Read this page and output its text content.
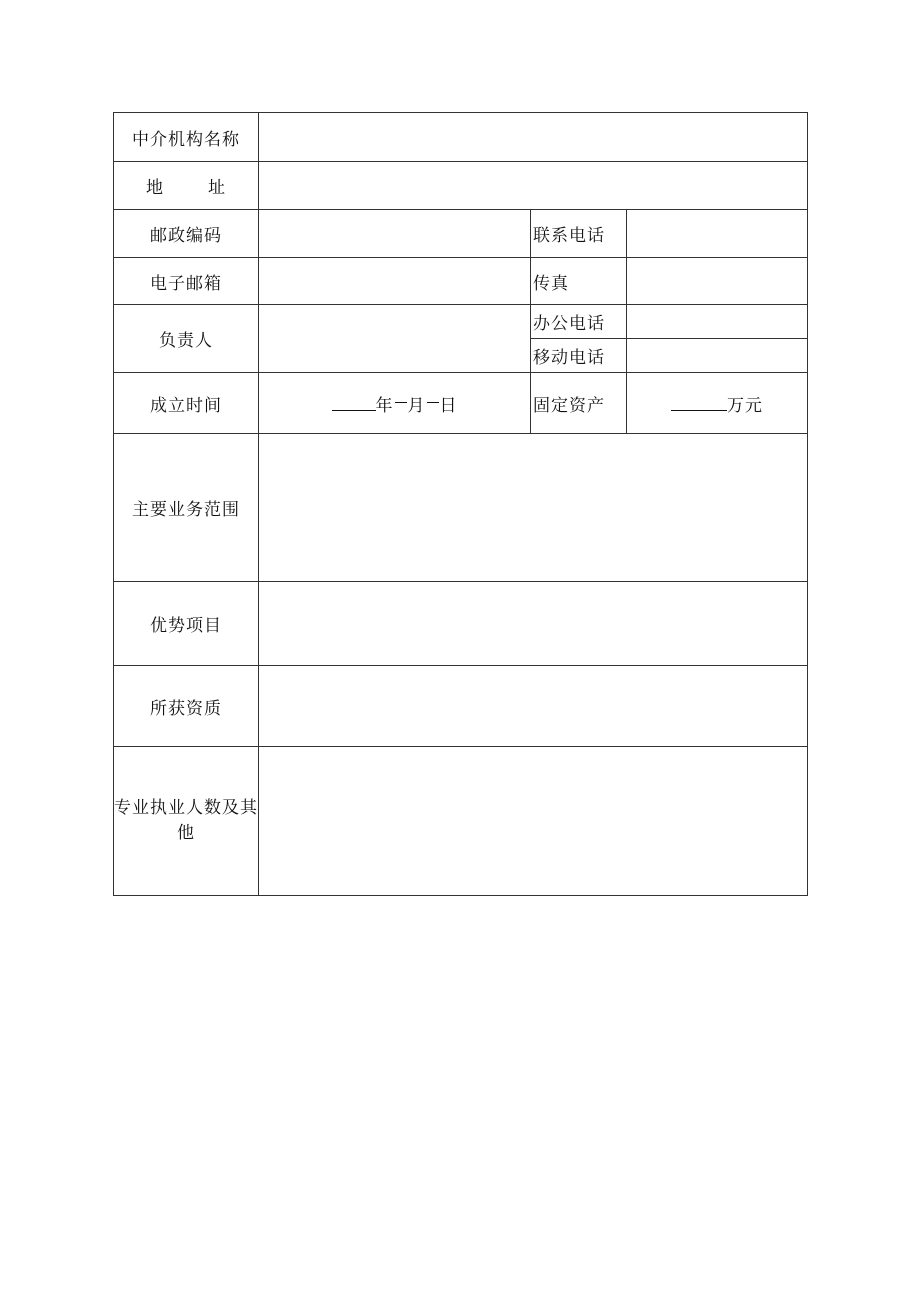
中介机构名称			
地 址			
邮政编码		联系电话	
电子邮箱		传真	
负责人		办公电话	
		移动电话	
成立时间	年 月 日	固定资产	万元
主要业务范围			
优势项目			
所获资质			
专业执业人数及其他			
